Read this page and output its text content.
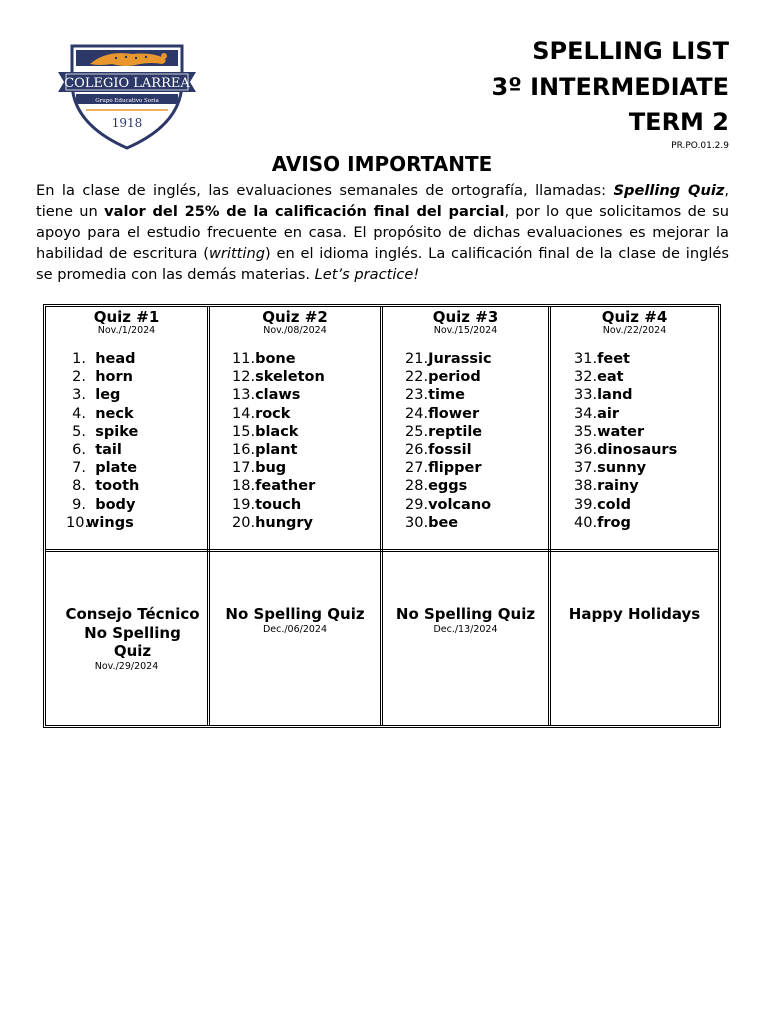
COLEGIO LARREA
Grupo Educativo Soria
1918
SPELLING LIST
3º INTERMEDIATE
TERM 2
PR.PO.01.2.9
AVISO IMPORTANTE

En la clase de inglés, las evaluaciones semanales de ortografía, llamadas: Spelling Quiz, tiene un valor del 25% de la calificación final del parcial, por lo que solicitamos de su apoyo para el estudio frecuente en casa. El propósito de dichas evaluaciones es mejorar la habilidad de escritura (writting) en el idioma inglés. La calificación final de la clase de inglés se promedia con las demás materias. Let’s practice!

Quiz #1
Nov./1/2024
1. head
2. horn
3. leg
4. neck
5. spike
6. tail
7. plate
8. tooth
9. body
10.wings
Quiz #2
Nov./08/2024
11.bone
12.skeleton
13.claws
14.rock
15.black
16.plant
17.bug
18.feather
19.touch
20.hungry
Quiz #3
Nov./15/2024
21.Jurassic
22.period
23.time
24.flower
25.reptile
26.fossil
27.flipper
28.eggs
29.volcano
30.bee
Quiz #4
Nov./22/2024
31.feet
32.eat
33.land
34.air
35.water
36.dinosaurs
37.sunny
38.rainy
39.cold
40.frog
Consejo Técnico
No Spelling
Quiz
Nov./29/2024
No Spelling Quiz
Dec./06/2024
No Spelling Quiz
Dec./13/2024
Happy Holidays
